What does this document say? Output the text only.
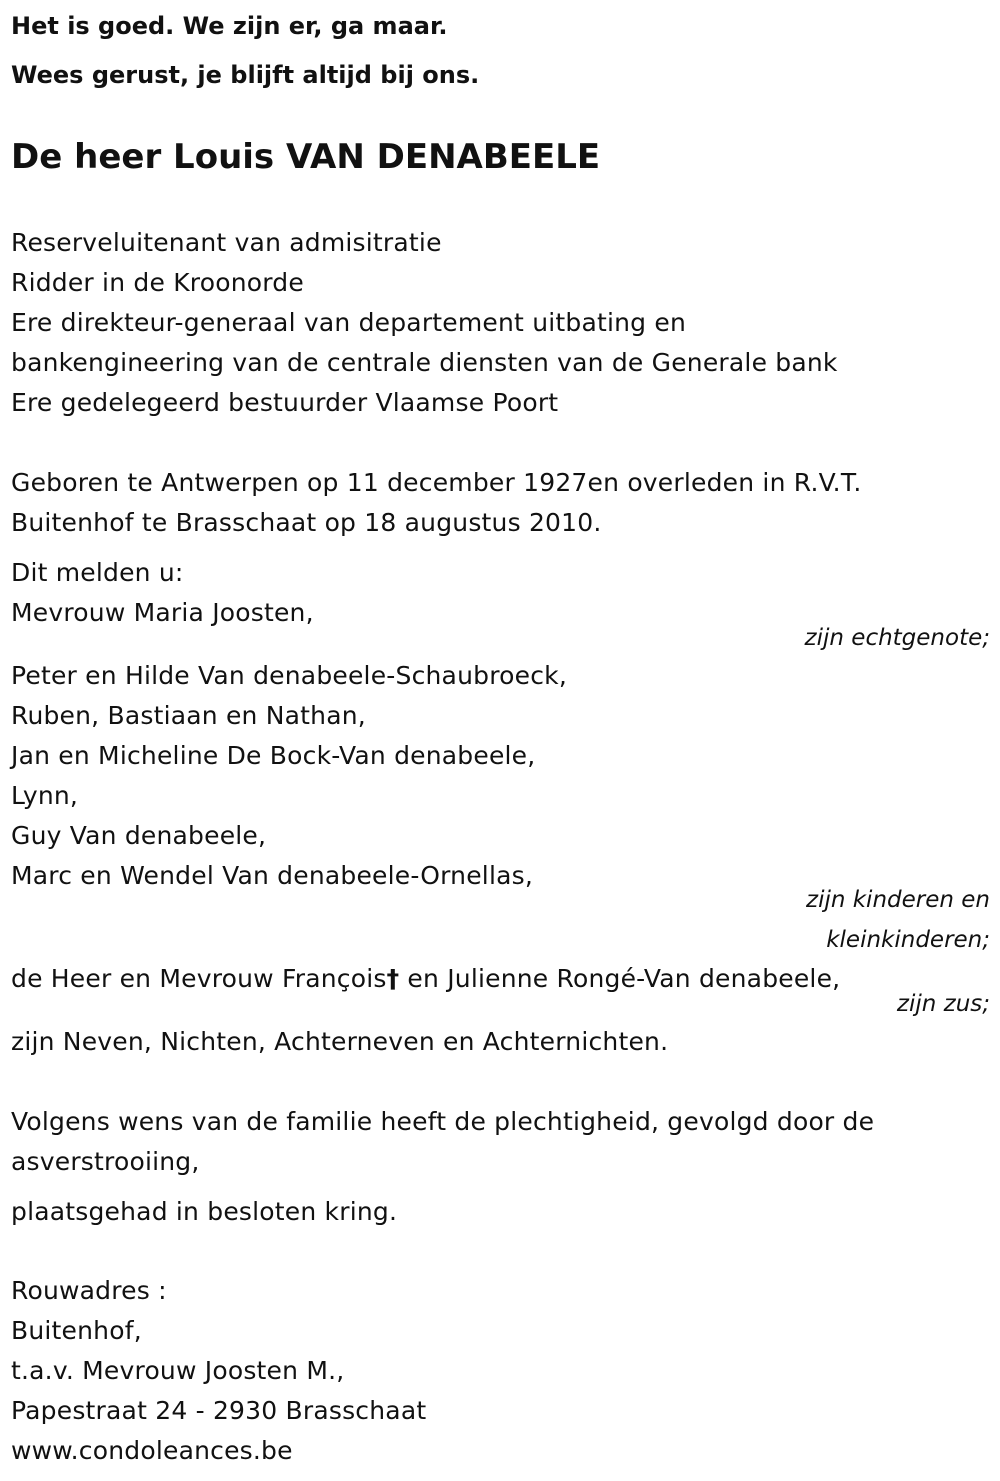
Het is goed. We zijn er, ga maar.
Wees gerust, je blijft altijd bij ons.
De heer Louis VAN DENABEELE
Reserveluitenant van admisitratie
Ridder in de Kroonorde
Ere direkteur-generaal van departement uitbating en
bankengineering van de centrale diensten van de Generale bank
Ere gedelegeerd bestuurder Vlaamse Poort
Geboren te Antwerpen op 11 december 1927en overleden in R.V.T.
Buitenhof te Brasschaat op 18 augustus 2010.
Dit melden u:
Mevrouw Maria Joosten,
zijn echtgenote;
Peter en Hilde Van denabeele-Schaubroeck,
Ruben, Bastiaan en Nathan,
Jan en Micheline De Bock-Van denabeele,
Lynn,
Guy Van denabeele,
Marc en Wendel Van denabeele-Ornellas,
zijn kinderen en
kleinkinderen;
de Heer en Mevrouw François† en Julienne Rongé-Van denabeele,
zijn zus;
zijn Neven, Nichten, Achterneven en Achternichten.
Volgens wens van de familie heeft de plechtigheid, gevolgd door de
asverstrooiing,
plaatsgehad in besloten kring.
Rouwadres :
Buitenhof,
t.a.v. Mevrouw Joosten M.,
Papestraat 24 - 2930 Brasschaat
www.condoleances.be
